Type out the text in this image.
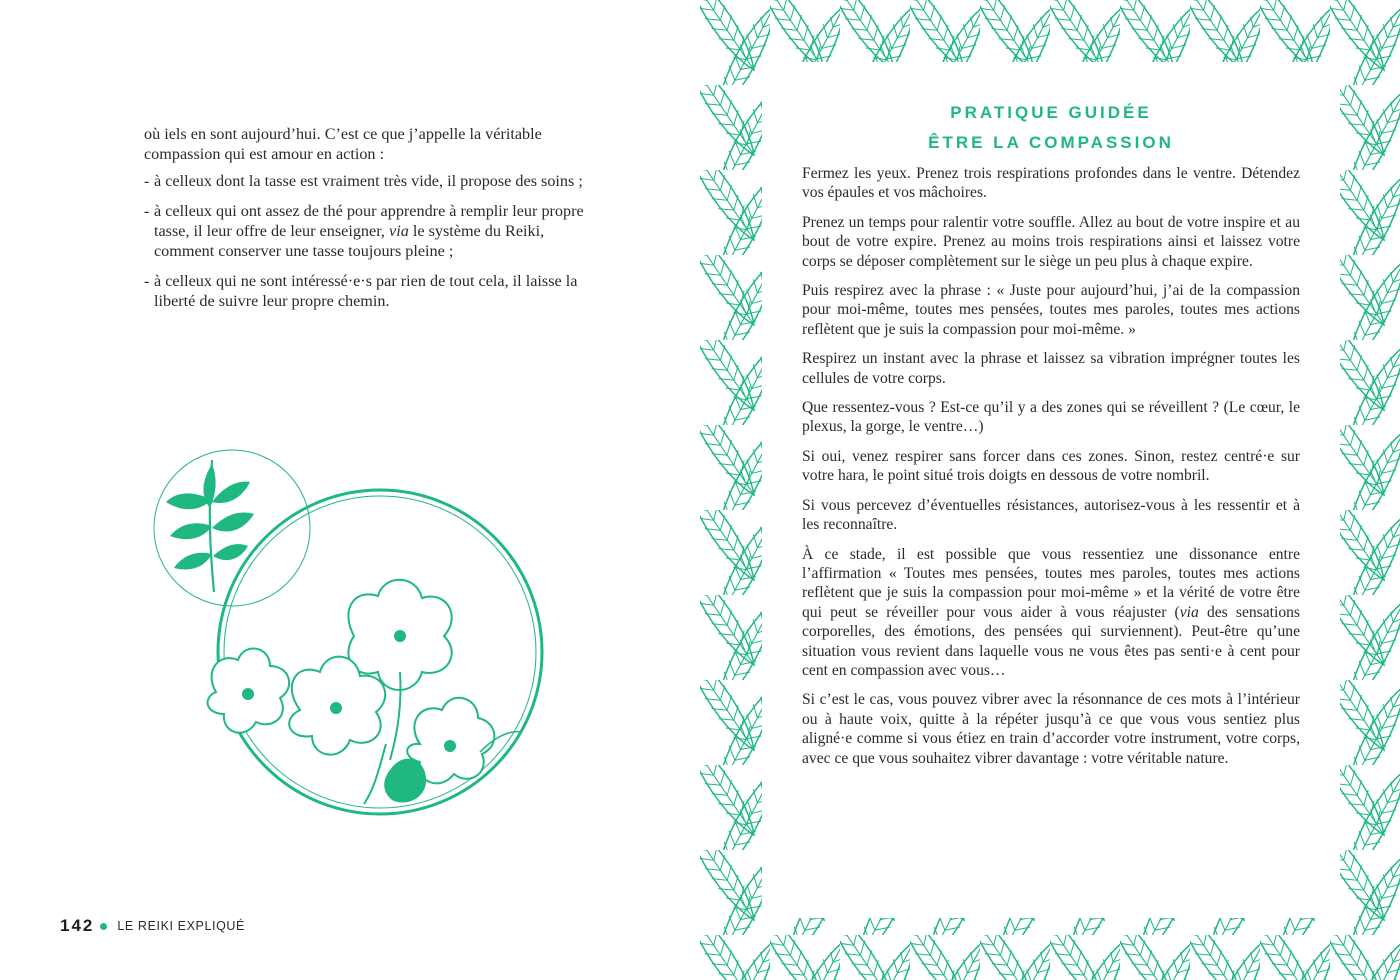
où iels en sont aujourd’hui. C’est ce que j’appelle la véritable compassion qui est amour en action :

- à celleux dont la tasse est vraiment très vide, il propose des soins ;
- à celleux qui ont assez de thé pour apprendre à remplir leur propre tasse, il leur offre de leur enseigner, via le système du Reiki, comment conserver une tasse toujours pleine ;
- à celleux qui ne sont intéressé·e·s par rien de tout cela, il laisse la liberté de suivre leur propre chemin.
142 LE REIKI EXPLIQUÉ
PRATIQUE GUIDÉE
ÊTRE LA COMPASSION

Fermez les yeux. Prenez trois respirations profondes dans le ventre. Détendez vos épaules et vos mâchoires.

Prenez un temps pour ralentir votre souffle. Allez au bout de votre inspire et au bout de votre expire. Prenez au moins trois respirations ainsi et laissez votre corps se déposer complètement sur le siège un peu plus à chaque expire.

Puis respirez avec la phrase : « Juste pour aujourd’hui, j’ai de la compassion pour moi-même, toutes mes pensées, toutes mes paroles, toutes mes actions reflètent que je suis la compassion pour moi-même. »

Respirez un instant avec la phrase et laissez sa vibration imprégner toutes les cellules de votre corps.

Que ressentez-vous ? Est-ce qu’il y a des zones qui se réveillent ? (Le cœur, le plexus, la gorge, le ventre…)

Si oui, venez respirer sans forcer dans ces zones. Sinon, restez centré·e sur votre hara, le point situé trois doigts en dessous de votre nombril.

Si vous percevez d’éventuelles résistances, autorisez-vous à les ressentir et à les reconnaître.

À ce stade, il est possible que vous ressentiez une dissonance entre l’affirmation « Toutes mes pensées, toutes mes paroles, toutes mes actions reflètent que je suis la compassion pour moi-même » et la vérité de votre être qui peut se réveiller pour vous aider à vous réajuster (via des sensations corporelles, des émotions, des pensées qui surviennent). Peut-être qu’une situation vous revient dans laquelle vous ne vous êtes pas senti·e à cent pour cent en compassion avec vous…

Si c’est le cas, vous pouvez vibrer avec la résonnance de ces mots à l’intérieur ou à haute voix, quitte à la répéter jusqu’à ce que vous vous sentiez plus aligné·e comme si vous étiez en train d’accorder votre instrument, votre corps, avec ce que vous souhaitez vibrer davantage : votre véritable nature.
